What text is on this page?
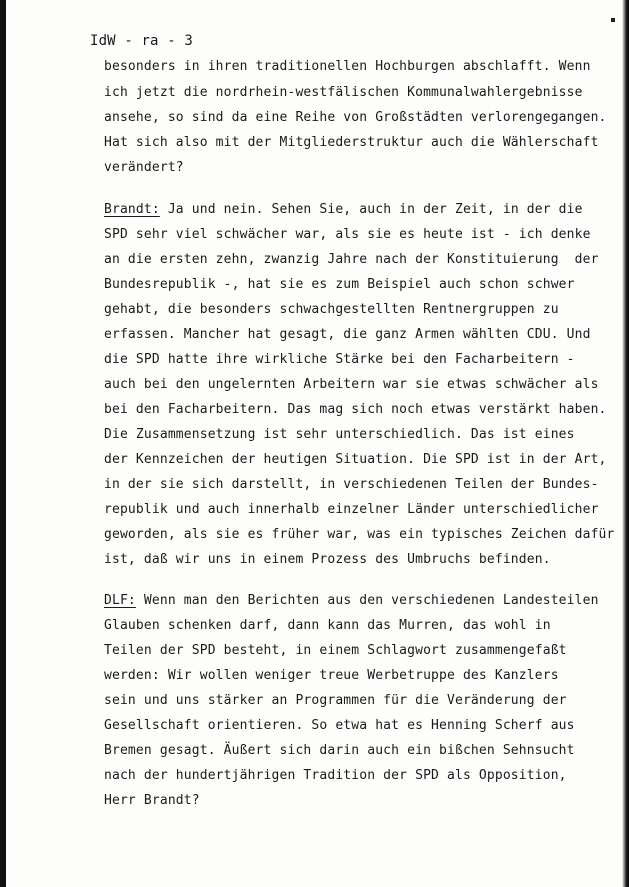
IdW - ra - 3
besonders in ihren traditionellen Hochburgen abschlafft. Wenn
ich jetzt die nordrhein-westfälischen Kommunalwahlergebnisse
ansehe, so sind da eine Reihe von Großstädten verlorengegangen.
Hat sich also mit der Mitgliederstruktur auch die Wählerschaft
verändert?
Brandt: Ja und nein. Sehen Sie, auch in der Zeit, in der die
SPD sehr viel schwächer war, als sie es heute ist - ich denke
an die ersten zehn, zwanzig Jahre nach der Konstituierung  der
Bundesrepublik -, hat sie es zum Beispiel auch schon schwer
gehabt, die besonders schwachgestellten Rentnergruppen zu
erfassen. Mancher hat gesagt, die ganz Armen wählten CDU. Und
die SPD hatte ihre wirkliche Stärke bei den Facharbeitern -
auch bei den ungelernten Arbeitern war sie etwas schwächer als
bei den Facharbeitern. Das mag sich noch etwas verstärkt haben.
Die Zusammensetzung ist sehr unterschiedlich. Das ist eines
der Kennzeichen der heutigen Situation. Die SPD ist in der Art,
in der sie sich darstellt, in verschiedenen Teilen der Bundes-
republik und auch innerhalb einzelner Länder unterschiedlicher
geworden, als sie es früher war, was ein typisches Zeichen dafür
ist, daß wir uns in einem Prozess des Umbruchs befinden.
DLF: Wenn man den Berichten aus den verschiedenen Landesteilen
Glauben schenken darf, dann kann das Murren, das wohl in
Teilen der SPD besteht, in einem Schlagwort zusammengefaßt
werden: Wir wollen weniger treue Werbetruppe des Kanzlers
sein und uns stärker an Programmen für die Veränderung der
Gesellschaft orientieren. So etwa hat es Henning Scherf aus
Bremen gesagt. Äußert sich darin auch ein bißchen Sehnsucht
nach der hundertjährigen Tradition der SPD als Opposition,
Herr Brandt?
